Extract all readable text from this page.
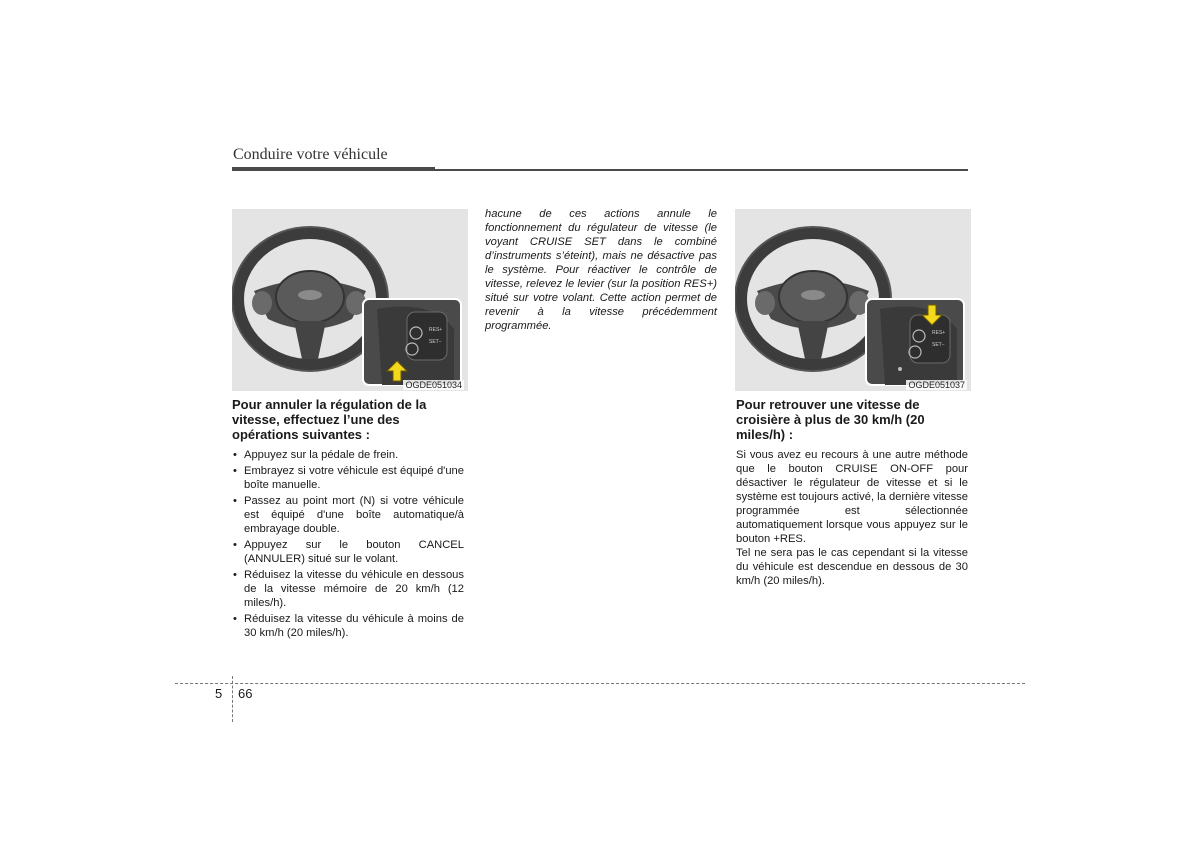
Conduire votre véhicule
RES+
SET−
OGDE051034
RES+
SET−
OGDE051037
Pour annuler la régulation de la vitesse, effectuez l’une des opérations suivantes :
• Appuyez sur la pédale de frein.
• Embrayez si votre véhicule est équipé d'une boîte manuelle.
• Passez au point mort (N) si votre véhicule est équipé d'une boîte automatique/à embrayage double.
• Appuyez sur le bouton CANCEL (ANNULER) situé sur le volant.
• Réduisez la vitesse du véhicule en dessous de la vitesse mémoire de 20 km/h (12 miles/h).
• Réduisez la vitesse du véhicule à moins de 30 km/h (20 miles/h).
hacune de ces actions annule le fonctionnement du régulateur de vitesse (le voyant CRUISE SET dans le combiné d’instruments s’éteint), mais ne désactive pas le système. Pour réactiver le contrôle de vitesse, relevez le levier (sur la position RES+) situé sur votre volant. Cette action permet de revenir à la vitesse précédemment programmée.
Pour retrouver une vitesse de croisière à plus de 30 km/h (20 miles/h) :

Si vous avez eu recours à une autre méthode que le bouton CRUISE ON-OFF pour désactiver le régulateur de vitesse et si le système est toujours activé, la dernière vitesse programmée est sélectionnée automatiquement lorsque vous appuyez sur le bouton +RES.

Tel ne sera pas le cas cependant si la vitesse du véhicule est descendue en dessous de 30 km/h (20 miles/h).

5 66
